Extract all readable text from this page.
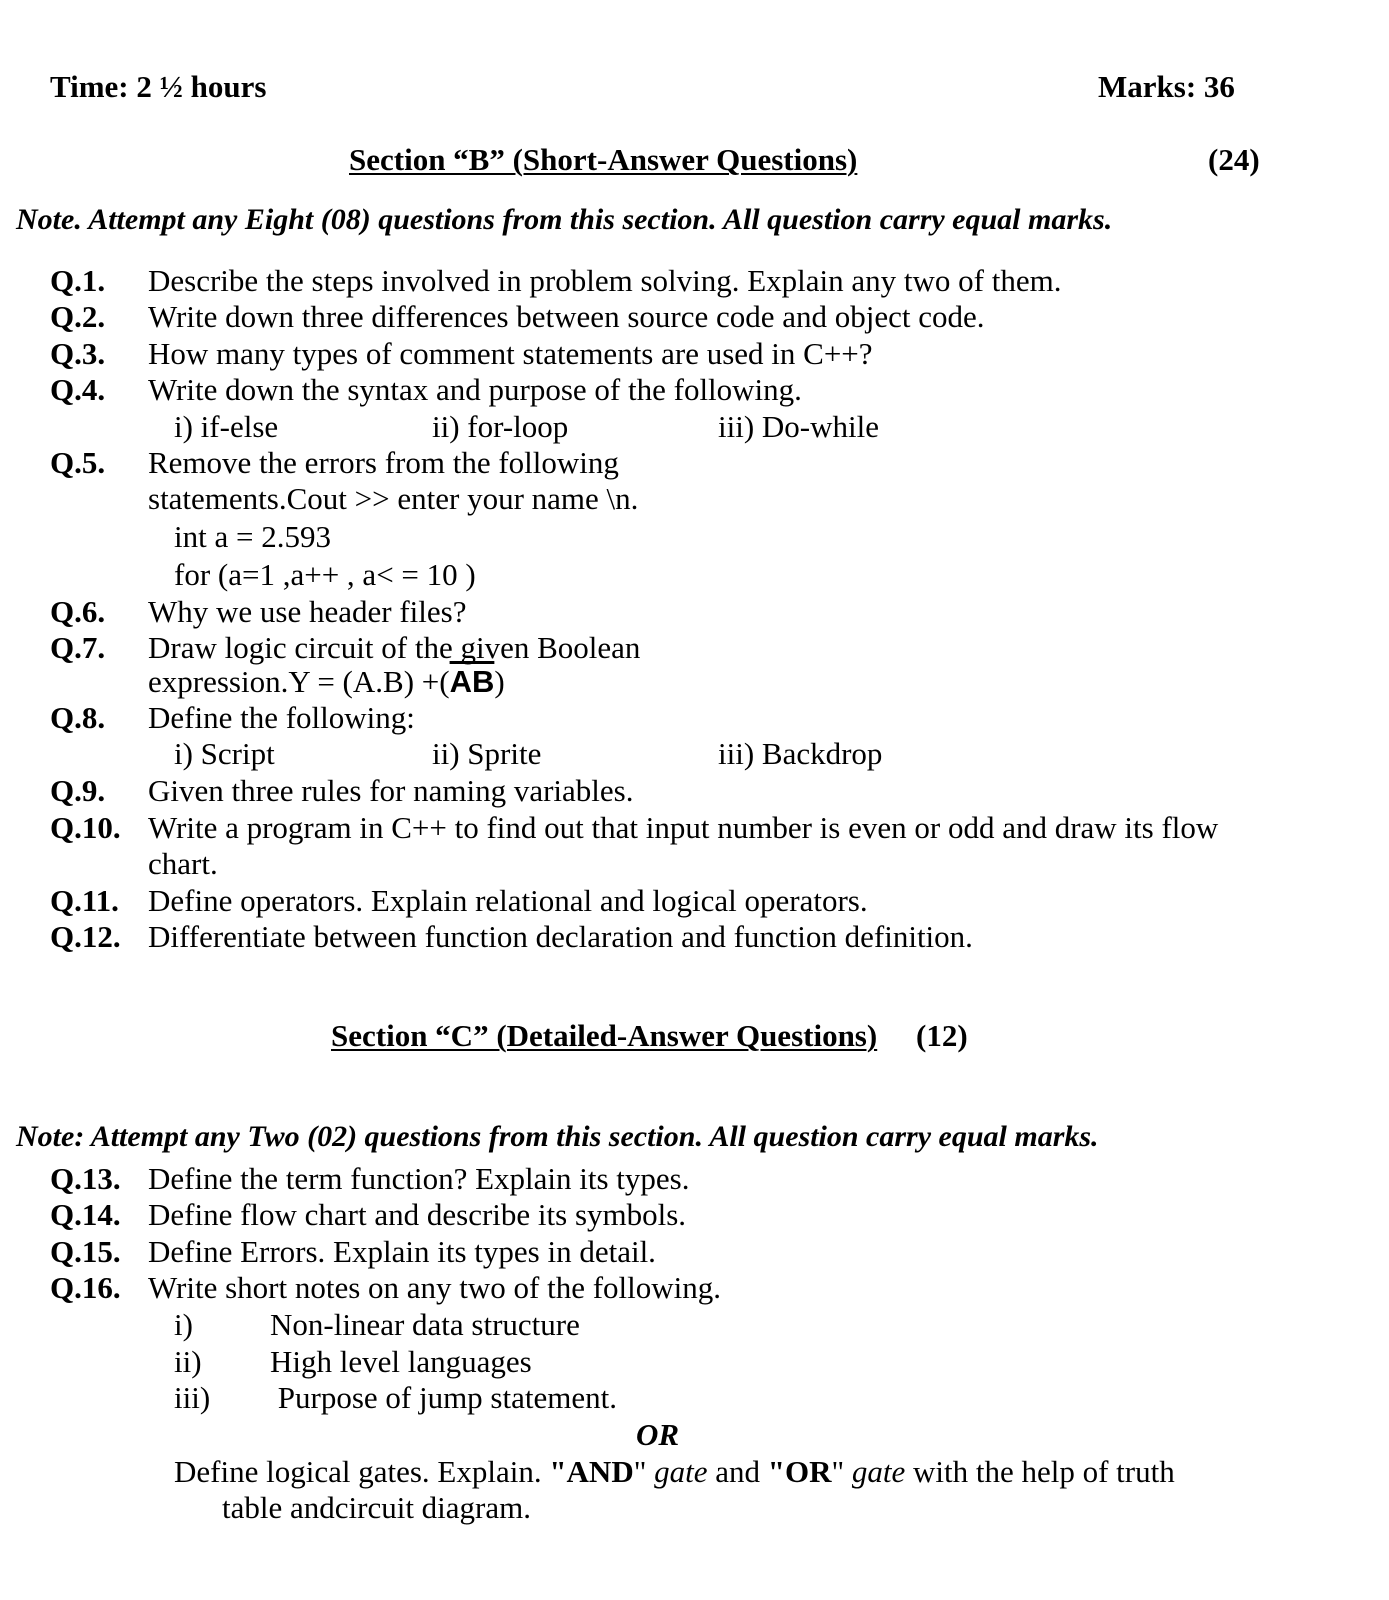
Time: 2 ½ hours	Marks: 36
Section “B” (Short-Answer Questions)	(24)
Note. Attempt any Eight (08) questions from this section. All question carry equal marks.
Q.1. Describe the steps involved in problem solving. Explain any two of them.
Q.2. Write down three differences between source code and object code.
Q.3. How many types of comment statements are used in C++?
Q.4. Write down the syntax and purpose of the following.
i) if-else	ii) for-loop	iii) Do-while
Q.5. Remove the errors from the following
statements.Cout >> enter your name \n.
int a = 2.593
for (a=1 ,a++ , a< = 10 )
Q.6. Why we use header files?
Q.7. Draw logic circuit of the given Boolean
expression.Y = $(A.B) +(\overline{A}\overline{B})$
Q.8. Define the following:
i) Script	ii) Sprite	iii) Backdrop
Q.9. Given three rules for naming variables.
Q.10. Write a program in C++ to find out that input number is even or odd and draw its flow
chart.
Q.11. Define operators. Explain relational and logical operators.
Q.12. Differentiate between function declaration and function definition.
Section “C” (Detailed-Answer Questions) (12)
Note: Attempt any Two (02) questions from this section. All question carry equal marks.
Q.13. Define the term function? Explain its types.
Q.14. Define flow chart and describe its symbols.
Q.15. Define Errors. Explain its types in detail.
Q.16. Write short notes on any two of the following.
i) Non-linear data structure
ii) High level languages
iii) Purpose of jump statement.
OR
Define logical gates. Explain. "AND" gate and "OR" gate with the help of truth
table andcircuit diagram.
